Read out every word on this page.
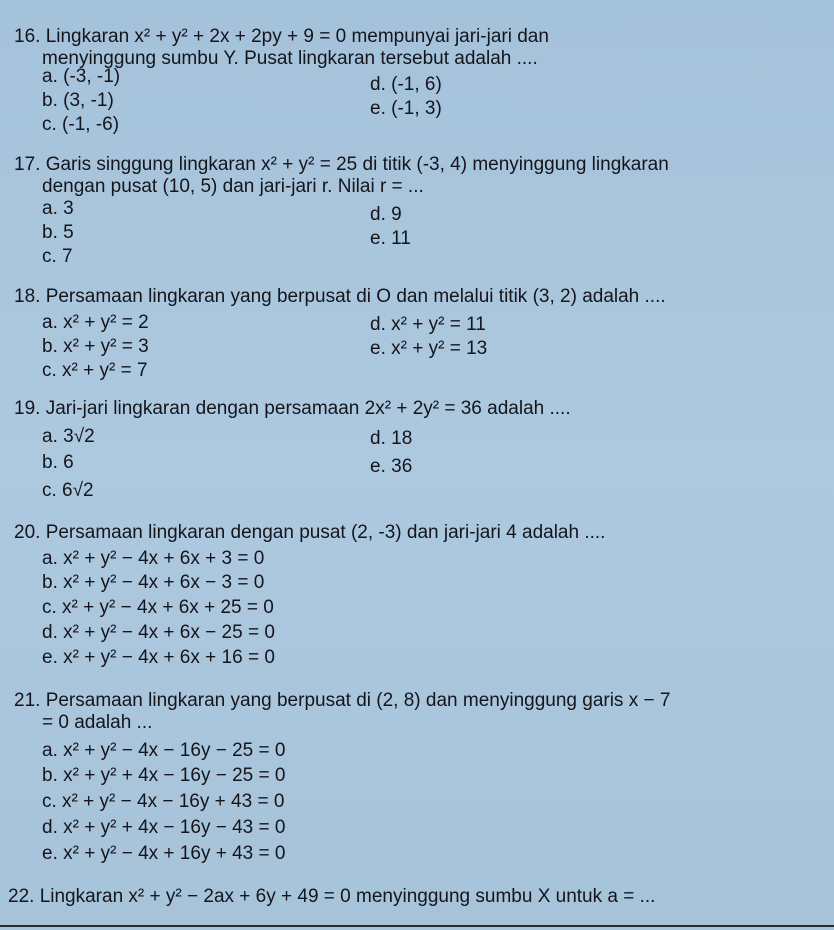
16. Lingkaran x² + y² + 2x + 2py + 9 = 0 mempunyai jari-jari dan
menyinggung sumbu Y. Pusat lingkaran tersebut adalah ....
a. (-3, -1)
b. (3, -1)
c. (-1, -6)
d. (-1, 6)
e. (-1, 3)
17. Garis singgung lingkaran x² + y² = 25 di titik (-3, 4) menyinggung lingkaran
dengan pusat (10, 5) dan jari-jari r. Nilai r = ...
a. 3
b. 5
c. 7
d. 9
e. 11
18. Persamaan lingkaran yang berpusat di O dan melalui titik (3, 2) adalah ....
a. x² + y² = 2
b. x² + y² = 3
c. x² + y² = 7
d. x² + y² = 11
e. x² + y² = 13
19. Jari-jari lingkaran dengan persamaan 2x² + 2y² = 36 adalah ....
a. 3√2
b. 6
c. 6√2
d. 18
e. 36
20. Persamaan lingkaran dengan pusat (2, -3) dan jari-jari 4 adalah ....
a. x² + y² − 4x + 6x + 3 = 0
b. x² + y² − 4x + 6x − 3 = 0
c. x² + y² − 4x + 6x + 25 = 0
d. x² + y² − 4x + 6x − 25 = 0
e. x² + y² − 4x + 6x + 16 = 0
21. Persamaan lingkaran yang berpusat di (2, 8) dan menyinggung garis x − 7
= 0 adalah ...
a. x² + y² − 4x − 16y − 25 = 0
b. x² + y² + 4x − 16y − 25 = 0
c. x² + y² − 4x − 16y + 43 = 0
d. x² + y² + 4x − 16y − 43 = 0
e. x² + y² − 4x + 16y + 43 = 0
22. Lingkaran x² + y² − 2ax + 6y + 49 = 0 menyinggung sumbu X untuk a = ...
